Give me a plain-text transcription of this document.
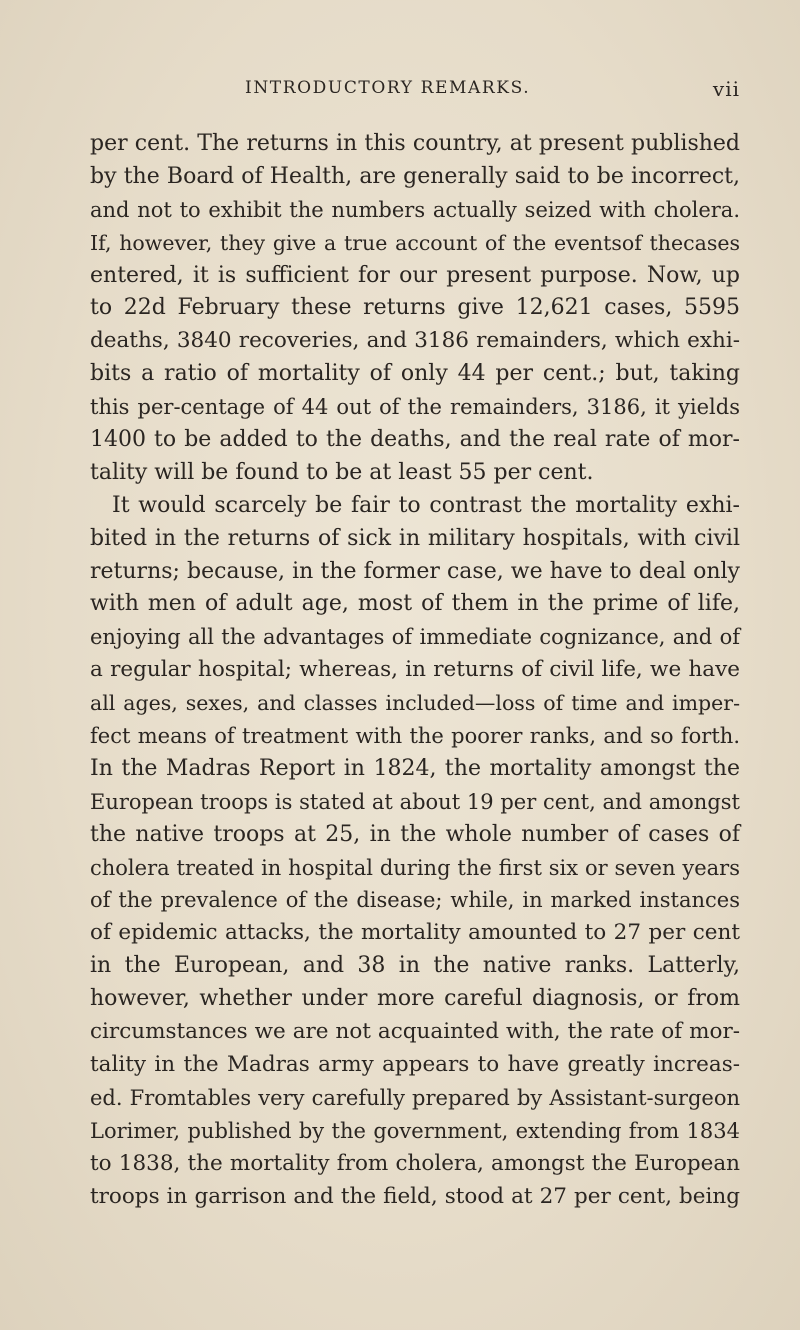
INTRODUCTORY REMARKS.	vii
per cent. The returns in this country, at present published
by the Board of Health, are generally said to be incorrect,
and not to exhibit the numbers actually seized with cholera.
If, however, they give a true account of the eventsof thecases
entered, it is sufficient for our present purpose. Now, up
to 22d February these returns give 12,621 cases, 5595
deaths, 3840 recoveries, and 3186 remainders, which exhi-
bits a ratio of mortality of only 44 per cent.; but, taking
this per-centage of 44 out of the remainders, 3186, it yields
1400 to be added to the deaths, and the real rate of mor-
tality will be found to be at least 55 per cent.
It would scarcely be fair to contrast the mortality exhi-
bited in the returns of sick in military hospitals, with civil
returns; because, in the former case, we have to deal only
with men of adult age, most of them in the prime of life,
enjoying all the advantages of immediate cognizance, and of
a regular hospital; whereas, in returns of civil life, we have
all ages, sexes, and classes included—loss of time and imper-
fect means of treatment with the poorer ranks, and so forth.
In the Madras Report in 1824, the mortality amongst the
European troops is stated at about 19 per cent, and amongst
the native troops at 25, in the whole number of cases of
cholera treated in hospital during the first six or seven years
of the prevalence of the disease; while, in marked instances
of epidemic attacks, the mortality amounted to 27 per cent
in the European, and 38 in the native ranks. Latterly,
however, whether under more careful diagnosis, or from
circumstances we are not acquainted with, the rate of mor-
tality in the Madras army appears to have greatly increas-
ed. Fromtables very carefully prepared by Assistant-surgeon
Lorimer, published by the government, extending from 1834
to 1838, the mortality from cholera, amongst the European
troops in garrison and the field, stood at 27 per cent, being
